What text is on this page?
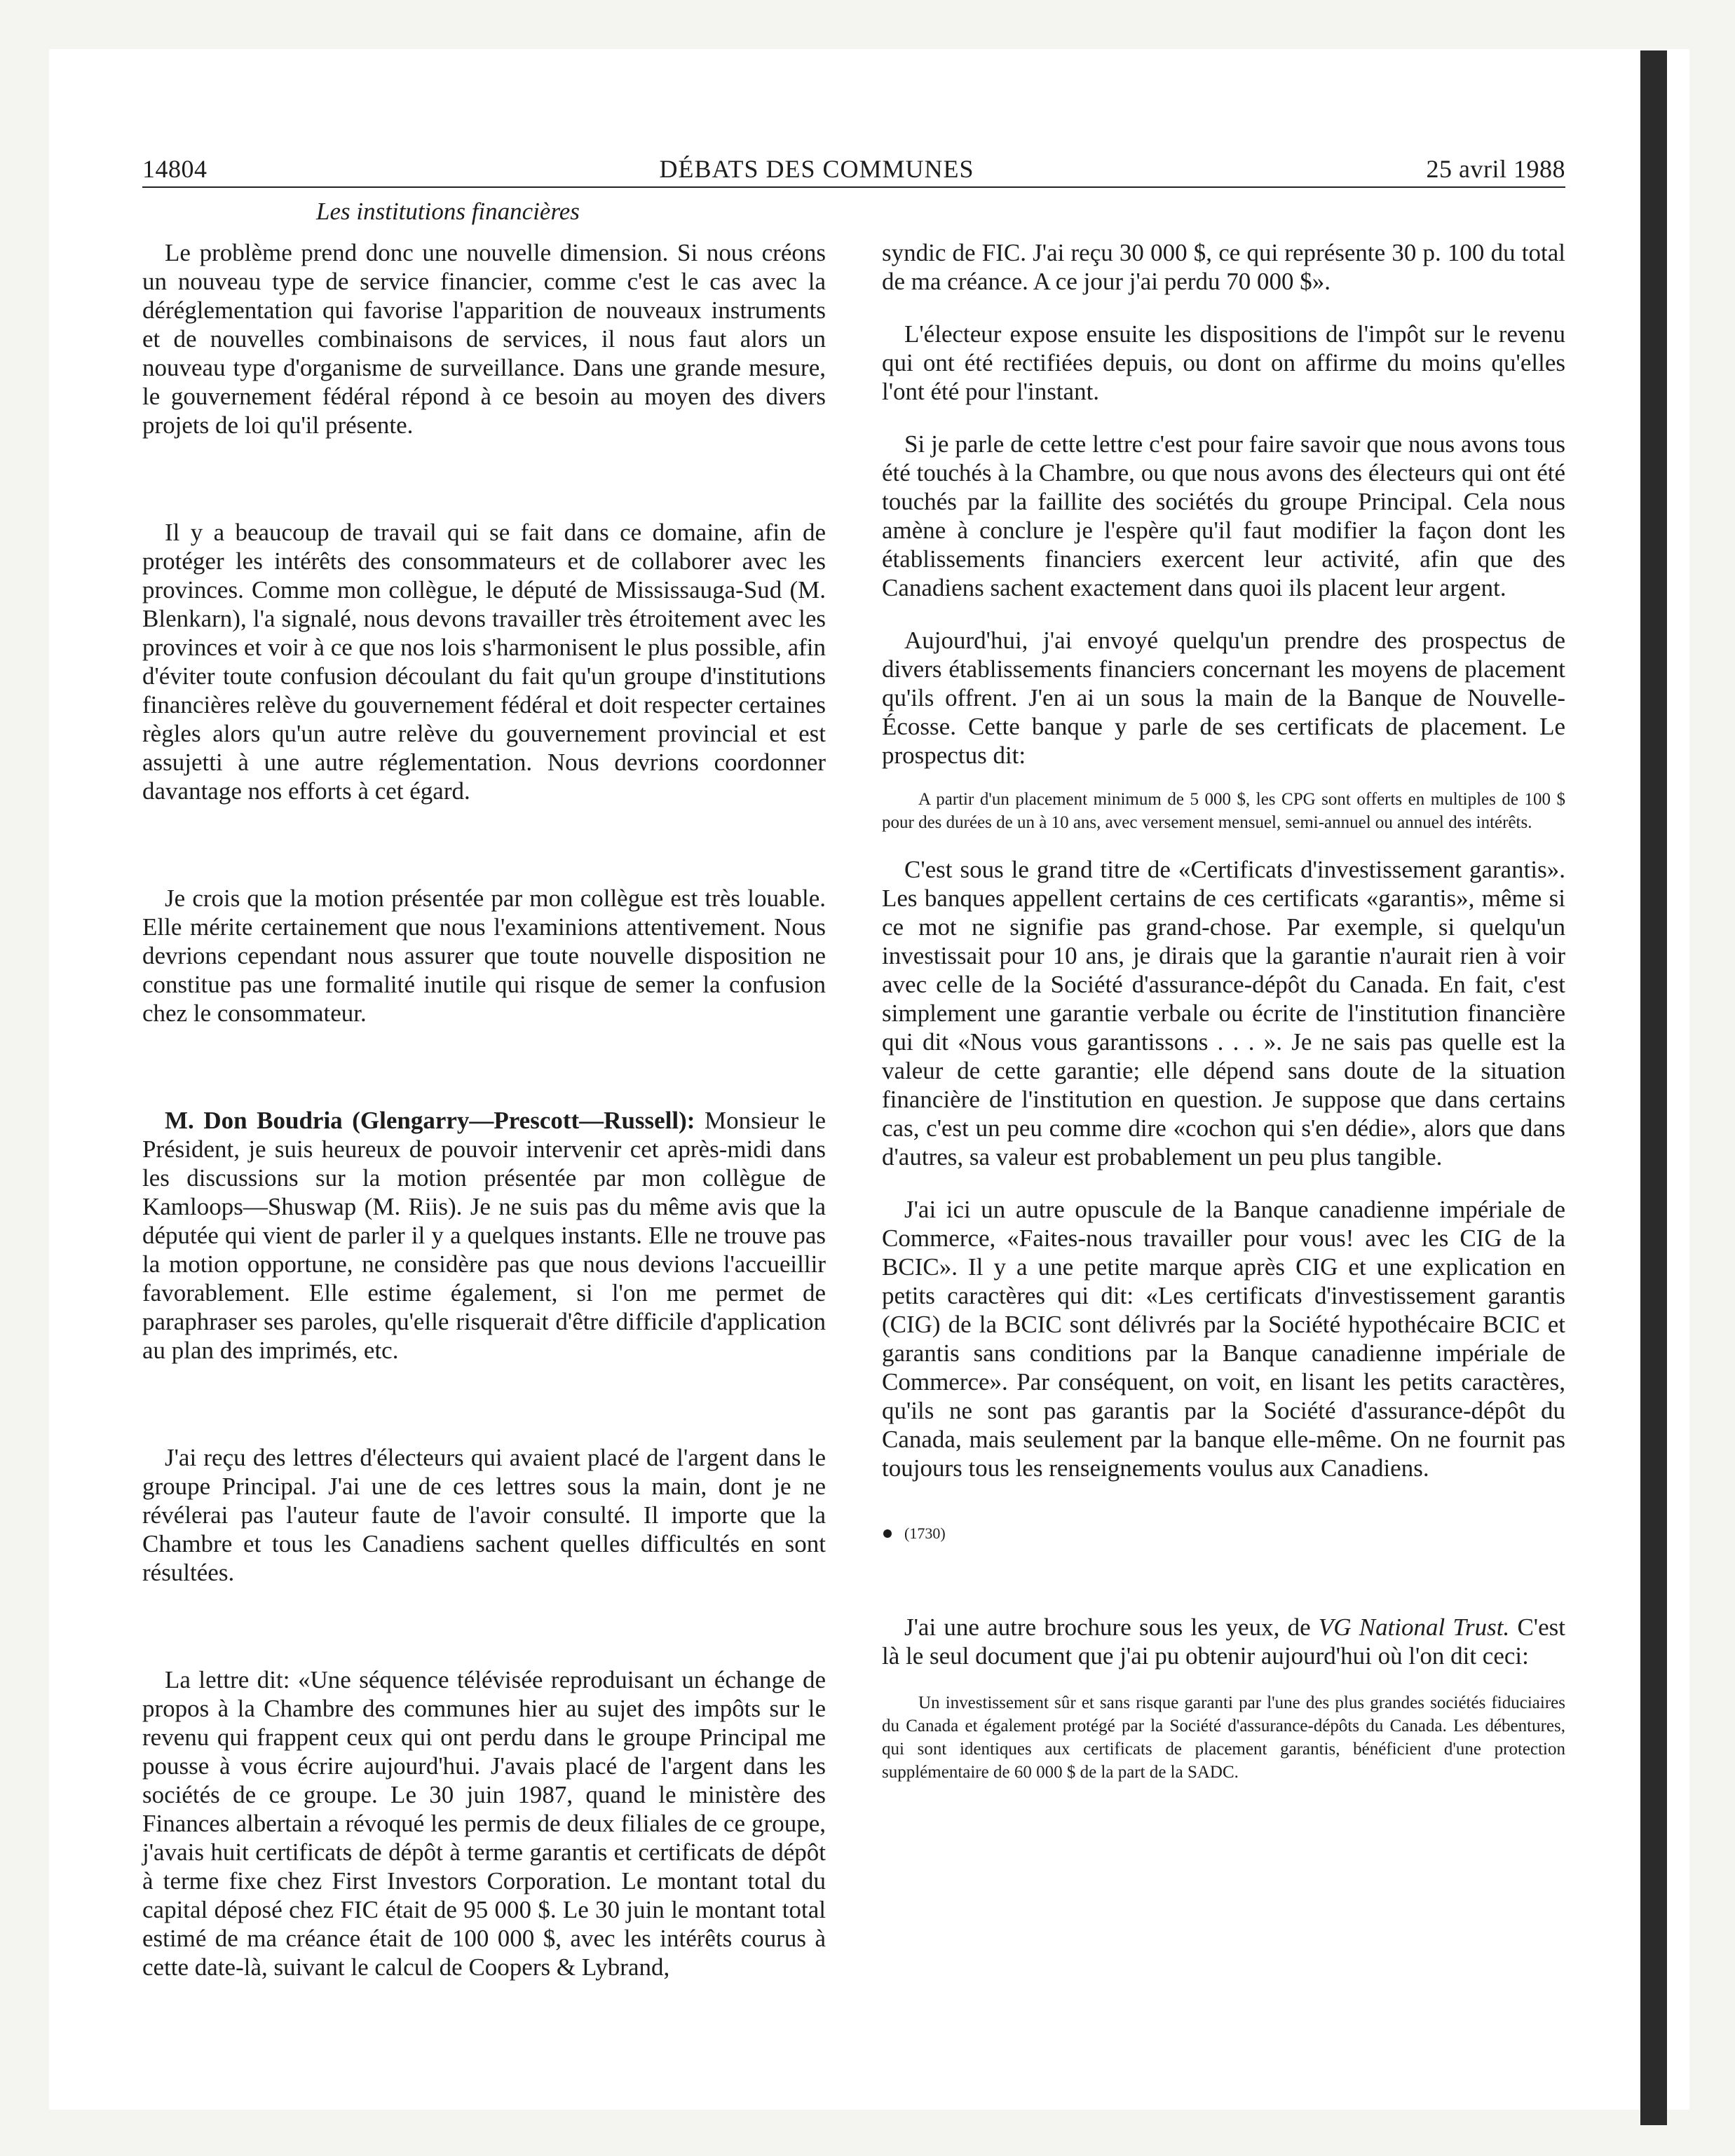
14804	DÉBATS DES COMMUNES	25 avril 1988
Les institutions financières

Le problème prend donc une nouvelle dimension. Si nous créons un nouveau type de service financier, comme c'est le cas avec la déréglementation qui favorise l'apparition de nouveaux instruments et de nouvelles combinaisons de services, il nous faut alors un nouveau type d'organisme de surveillance. Dans une grande mesure, le gouvernement fédéral répond à ce besoin au moyen des divers projets de loi qu'il présente.

Il y a beaucoup de travail qui se fait dans ce domaine, afin de protéger les intérêts des consommateurs et de collaborer avec les provinces. Comme mon collègue, le député de Mississauga-Sud (M. Blenkarn), l'a signalé, nous devons travailler très étroitement avec les provinces et voir à ce que nos lois s'harmonisent le plus possible, afin d'éviter toute confusion découlant du fait qu'un groupe d'institutions financières relève du gouvernement fédéral et doit respecter certaines règles alors qu'un autre relève du gouvernement provincial et est assujetti à une autre réglementation. Nous devrions coordonner davantage nos efforts à cet égard.

Je crois que la motion présentée par mon collègue est très louable. Elle mérite certainement que nous l'examinions attentivement. Nous devrions cependant nous assurer que toute nouvelle disposition ne constitue pas une formalité inutile qui risque de semer la confusion chez le consommateur.

M. Don Boudria (Glengarry—Prescott—Russell): Monsieur le Président, je suis heureux de pouvoir intervenir cet après-midi dans les discussions sur la motion présentée par mon collègue de Kamloops—Shuswap (M. Riis). Je ne suis pas du même avis que la députée qui vient de parler il y a quelques instants. Elle ne trouve pas la motion opportune, ne considère pas que nous devions l'accueillir favorablement. Elle estime également, si l'on me permet de paraphraser ses paroles, qu'elle risquerait d'être difficile d'application au plan des imprimés, etc.

J'ai reçu des lettres d'électeurs qui avaient placé de l'argent dans le groupe Principal. J'ai une de ces lettres sous la main, dont je ne révélerai pas l'auteur faute de l'avoir consulté. Il importe que la Chambre et tous les Canadiens sachent quelles difficultés en sont résultées.

La lettre dit: «Une séquence télévisée reproduisant un échange de propos à la Chambre des communes hier au sujet des impôts sur le revenu qui frappent ceux qui ont perdu dans le groupe Principal me pousse à vous écrire aujourd'hui. J'avais placé de l'argent dans les sociétés de ce groupe. Le 30 juin 1987, quand le ministère des Finances albertain a révoqué les permis de deux filiales de ce groupe, j'avais huit certificats de dépôt à terme garantis et certificats de dépôt à terme fixe chez First Investors Corporation. Le montant total du capital déposé chez FIC était de 95 000 $. Le 30 juin le montant total estimé de ma créance était de 100 000 $, avec les intérêts courus à cette date-là, suivant le calcul de Coopers & Lybrand,

syndic de FIC. J'ai reçu 30 000 $, ce qui représente 30 p. 100 du total de ma créance. A ce jour j'ai perdu 70 000 $».

L'électeur expose ensuite les dispositions de l'impôt sur le revenu qui ont été rectifiées depuis, ou dont on affirme du moins qu'elles l'ont été pour l'instant.

Si je parle de cette lettre c'est pour faire savoir que nous avons tous été touchés à la Chambre, ou que nous avons des électeurs qui ont été touchés par la faillite des sociétés du groupe Principal. Cela nous amène à conclure je l'espère qu'il faut modifier la façon dont les établissements financiers exercent leur activité, afin que des Canadiens sachent exactement dans quoi ils placent leur argent.

Aujourd'hui, j'ai envoyé quelqu'un prendre des prospectus de divers établissements financiers concernant les moyens de placement qu'ils offrent. J'en ai un sous la main de la Banque de Nouvelle-Écosse. Cette banque y parle de ses certificats de placement. Le prospectus dit:

A partir d'un placement minimum de 5 000 $, les CPG sont offerts en multiples de 100 $ pour des durées de un à 10 ans, avec versement mensuel, semi-annuel ou annuel des intérêts.

C'est sous le grand titre de «Certificats d'investissement garantis». Les banques appellent certains de ces certificats «garantis», même si ce mot ne signifie pas grand-chose. Par exemple, si quelqu'un investissait pour 10 ans, je dirais que la garantie n'aurait rien à voir avec celle de la Société d'assurance-dépôt du Canada. En fait, c'est simplement une garantie verbale ou écrite de l'institution financière qui dit «Nous vous garantissons . . . ». Je ne sais pas quelle est la valeur de cette garantie; elle dépend sans doute de la situation financière de l'institution en question. Je suppose que dans certains cas, c'est un peu comme dire «cochon qui s'en dédie», alors que dans d'autres, sa valeur est probablement un peu plus tangible.

J'ai ici un autre opuscule de la Banque canadienne impériale de Commerce, «Faites-nous travailler pour vous! avec les CIG de la BCIC». Il y a une petite marque après CIG et une explication en petits caractères qui dit: «Les certificats d'investissement garantis (CIG) de la BCIC sont délivrés par la Société hypothécaire BCIC et garantis sans conditions par la Banque canadienne impériale de Commerce». Par conséquent, on voit, en lisant les petits caractères, qu'ils ne sont pas garantis par la Société d'assurance-dépôt du Canada, mais seulement par la banque elle-même. On ne fournit pas toujours tous les renseignements voulus aux Canadiens.

(1730)

J'ai une autre brochure sous les yeux, de VG National Trust. C'est là le seul document que j'ai pu obtenir aujourd'hui où l'on dit ceci:

Un investissement sûr et sans risque garanti par l'une des plus grandes sociétés fiduciaires du Canada et également protégé par la Société d'assurance-dépôts du Canada. Les débentures, qui sont identiques aux certificats de placement garantis, bénéficient d'une protection supplémentaire de 60 000 $ de la part de la SADC.
